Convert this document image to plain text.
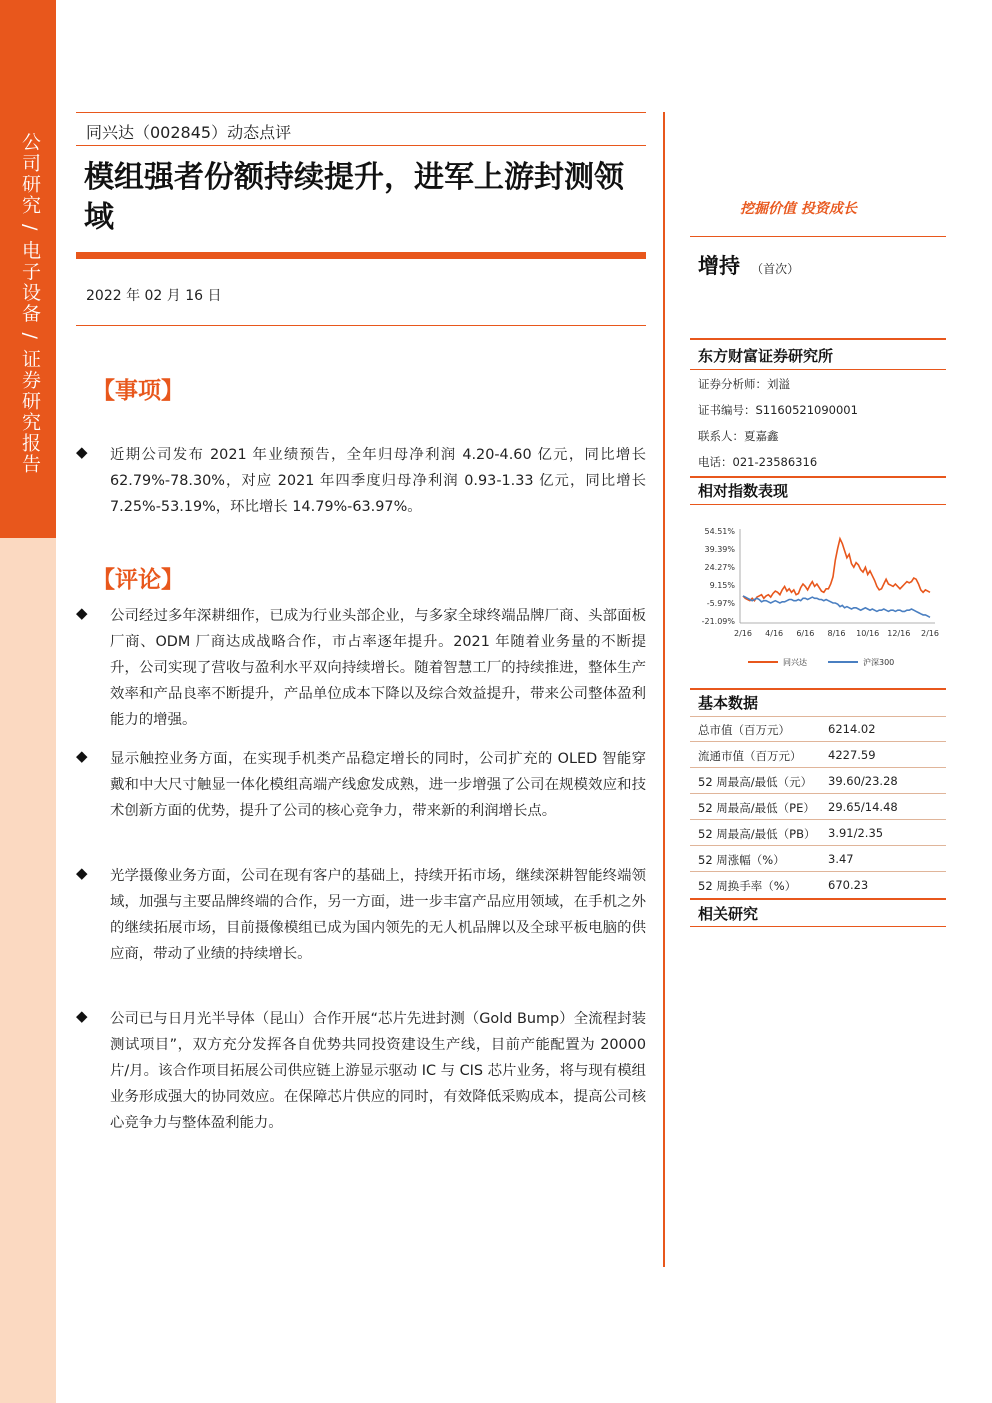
公司研究 / 电子设备 / 证券研究报告	同兴达（002845）动态点评
模组强者份额持续提升，进军上游封测领域
2022 年 02 月 16 日
【事项】
◆ 近期公司发布 2021 年业绩预告，全年归母净利润 4.20-4.60 亿元，同比增长 62.79%-78.30%，对应 2021 年四季度归母净利润 0.93-1.33 亿元，同比增长 7.25%-53.19%，环比增长 14.79%-63.97%。
【评论】
◆ 公司经过多年深耕细作，已成为行业头部企业，与多家全球终端品牌厂商、头部面板厂商、ODM 厂商达成战略合作，市占率逐年提升。2021 年随着业务量的不断提升，公司实现了营收与盈利水平双向持续增长。随着智慧工厂的持续推进，整体生产效率和产品良率不断提升，产品单位成本下降以及综合效益提升，带来公司整体盈利能力的增强。
◆ 显示触控业务方面，在实现手机类产品稳定增长的同时，公司扩充的 OLED 智能穿戴和中大尺寸触显一体化模组高端产线愈发成熟，进一步增强了公司在规模效应和技术创新方面的优势，提升了公司的核心竞争力，带来新的利润增长点。
◆ 光学摄像业务方面，公司在现有客户的基础上，持续开拓市场，继续深耕智能终端领域，加强与主要品牌终端的合作，另一方面，进一步丰富产品应用领域，在手机之外的继续拓展市场，目前摄像模组已成为国内领先的无人机品牌以及全球平板电脑的供应商，带动了业绩的持续增长。
◆ 公司已与日月光半导体（昆山）合作开展“芯片先进封测（Gold Bump）全流程封装测试项目”，双方充分发挥各自优势共同投资建设生产线，目前产能配置为 20000 片/月。该合作项目拓展公司供应链上游显示驱动 IC 与 CIS 芯片业务，将与现有模组业务形成强大的协同效应。在保障芯片供应的同时，有效降低采购成本，提高公司核心竞争力与整体盈利能力。
挖掘价值 投资成长
增持 （首次）
东方财富证券研究所
证券分析师：刘溢
证书编号：S1160521090001
联系人：夏嘉鑫
电话：021-23586316
相对指数表现
54.51%
39.39%
24.27%
9.15%
-5.97%
-21.09%
2/16 4/16 6/16 8/16 10/16 12/16 2/16
同兴达	沪深300
基本数据
总市值（百万元）	6214.02
流通市值（百万元） 4227.59
52 周最高/最低（元） 39.60/23.28
52 周最高/最低（PE） 29.65/14.48
52 周最高/最低（PB） 3.91/2.35
52 周涨幅（%）	3.47
52 周换手率（%）	670.23
相关研究
